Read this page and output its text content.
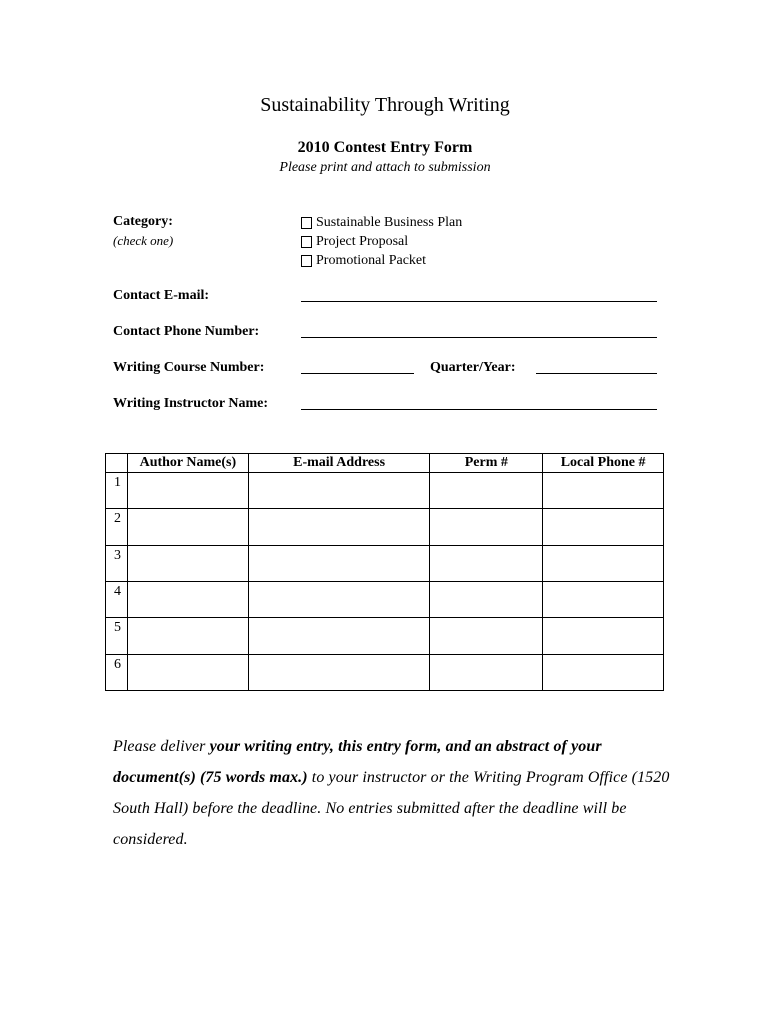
Sustainability Through Writing
2010 Contest Entry Form
Please print and attach to submission
Category:
(check one)
Sustainable Business Plan
Project Proposal
Promotional Packet
Contact E-mail:
Contact Phone Number:
Writing Course Number:	Quarter/Year:
Writing Instructor Name:
	Author Name(s)	E-mail Address	Perm #	Local Phone #
1				
2				
3				
4				
5				
6				
Please deliver your writing entry, this entry form, and an abstract of your document(s) (75 words max.) to your instructor or the Writing Program Office (1520 South Hall) before the deadline. No entries submitted after the deadline will be considered.
